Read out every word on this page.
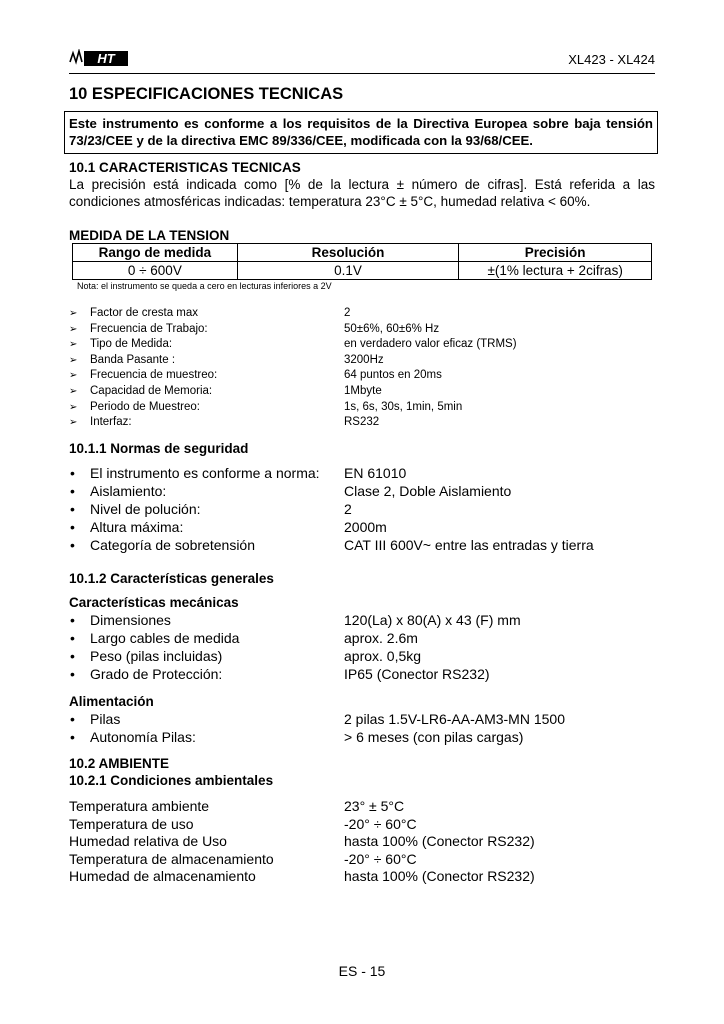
HT	XL423 - XL424
10 ESPECIFICACIONES TECNICAS
Este instrumento es conforme a los requisitos de la Directiva Europea sobre baja tensión 73/23/CEE y de la directiva EMC 89/336/CEE, modificada con la 93/68/CEE.
10.1 CARACTERISTICAS TECNICAS

La precisión está indicada como [% de la lectura ± número de cifras]. Está referida a las condiciones atmosféricas indicadas: temperatura 23°C ± 5°C, humedad relativa < 60%.

MEDIDA DE LA TENSION
Rango de medida	Resolución	Precisión
0 ÷ 600V	0.1V	±(1% lectura + 2cifras)
Nota: el instrumento se queda a cero en lecturas inferiores a 2V
➢ Factor de cresta max	2
➢ Frecuencia de Trabajo:	50±6%, 60±6% Hz
➢ Tipo de Medida:	en verdadero valor eficaz (TRMS)
➢ Banda Pasante :	3200Hz
➢ Frecuencia de muestreo:	64 puntos en 20ms
➢ Capacidad de Memoria:	1Mbyte
➢ Periodo de Muestreo:	1s, 6s, 30s, 1min, 5min
➢ Interfaz:	RS232
10.1.1 Normas de seguridad
• El instrumento es conforme a norma: EN 61010
• Aislamiento:	Clase 2, Doble Aislamiento
• Nivel de polución:	2
• Altura máxima:	2000m
• Categoría de sobretensión	CAT III 600V~ entre las entradas y tierra
10.1.2 Características generales
Características mecánicas
• Dimensiones	120(La) x 80(A) x 43 (F) mm
• Largo cables de medida	aprox. 2.6m
• Peso (pilas incluidas)	aprox. 0,5kg
• Grado de Protección:	IP65 (Conector RS232)
Alimentación
• Pilas	2 pilas 1.5V-LR6-AA-AM3-MN 1500
• Autonomía Pilas:	> 6 meses (con pilas cargas)
10.2 AMBIENTE
10.2.1 Condiciones ambientales
Temperatura ambiente	23° ± 5°C
Temperatura de uso	-20° ÷ 60°C
Humedad relativa de Uso	hasta 100% (Conector RS232)
Temperatura de almacenamiento	-20° ÷ 60°C
Humedad de almacenamiento	hasta 100% (Conector RS232)
ES - 15
